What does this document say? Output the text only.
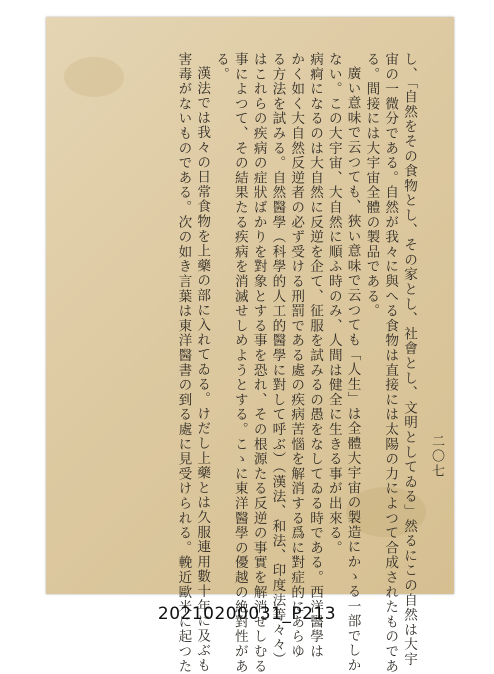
し、「自然をその食物とし、その家とし、社會とし、文明としてゐる」然るにこの自然は大宇
宙の一微分である。自然が我々に與へる食物は直接には太陽の力によつて合成されたものであ
る。間接には大宇宙全體の製品である。
廣い意味で云つても、狹い意味で云つても「人生」は全體大宇宙の製造にかゝる一部でしか
ない。この大宇宙、大自然に順ふ時のみ、人間は健全に生きる事が出來る。
病痾になるのは大自然に反逆を企て、征服を試みるの愚をなしてゐる時である。西洋醫學は
かく如く大自然反逆者の必ず受ける刑罰である處の疾病苦惱を解消する爲に對症的にあらゆ
る方法を試みる。自然醫學（科學的人工的醫學に對して呼ぶ）（漢法、和法、印度法等々々）
はこれらの疾病の症狀ばかりを對象とする事を恐れ、その根源たる反逆の事實を解消せしむる
事によつて、その結果たる疾病を消滅せしめようとする。こゝに東洋醫學の優越の絶對性があ
る。
漢法では我々の日常食物を上藥の部に入れてゐる。けだし上藥とは久服連用數十年に及ぶも
害毒がないものである。次の如き言葉は東洋醫書の到る處に見受けられる。輓近歐米に起つた	二〇七
20210200031_P213
